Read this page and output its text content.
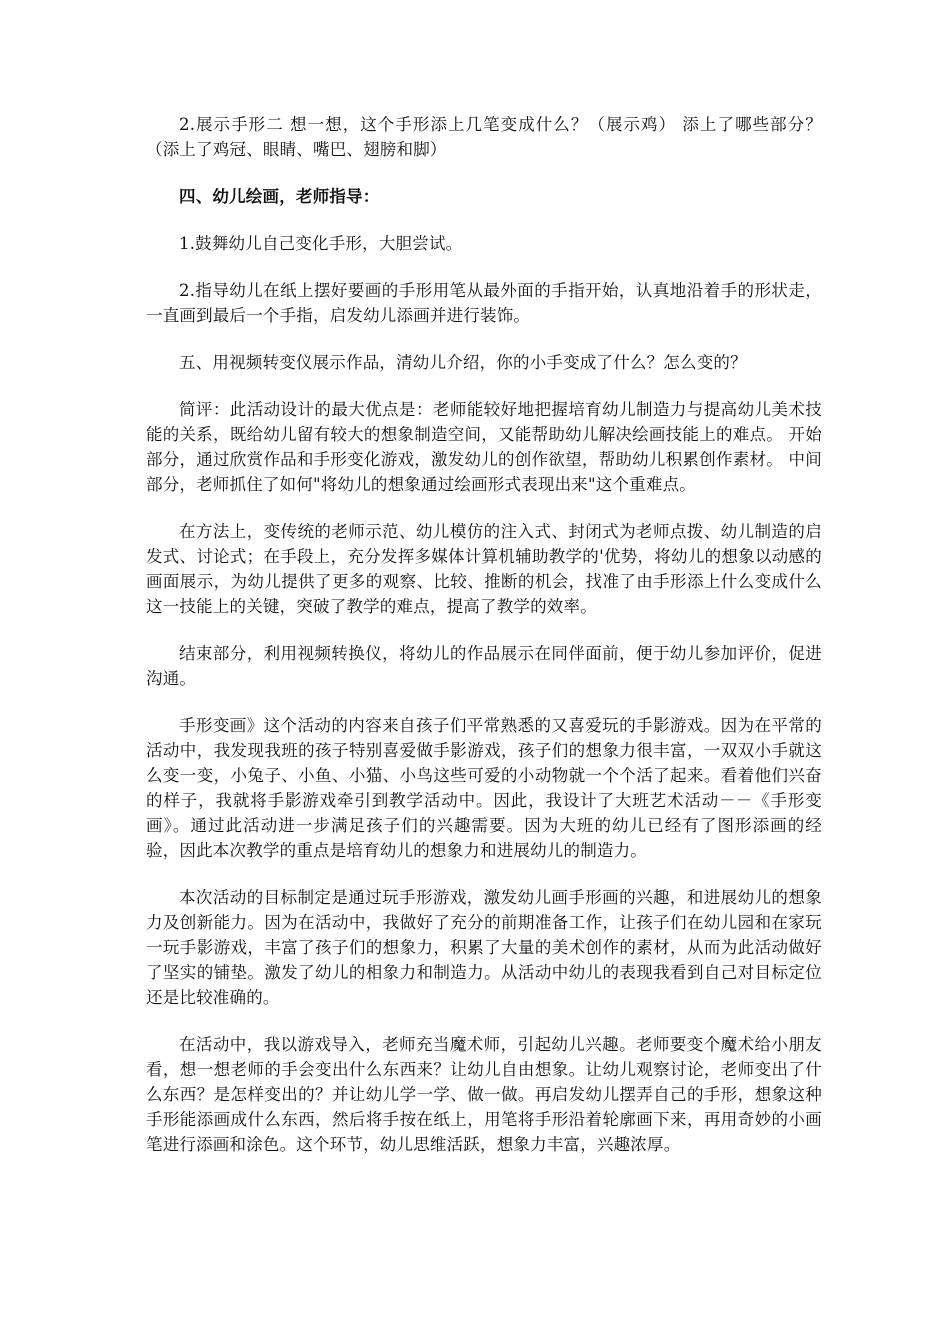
2.展示手形二 想一想，这个手形添上几笔变成什么？（展示鸡） 添上了哪些部分？（添上了鸡冠、眼睛、嘴巴、翅膀和脚）

四、幼儿绘画，老师指导：

1.鼓舞幼儿自己变化手形，大胆尝试。

2.指导幼儿在纸上摆好要画的手形用笔从最外面的手指开始，认真地沿着手的形状走，一直画到最后一个手指，启发幼儿添画并进行装饰。

五、用视频转变仪展示作品，清幼儿介绍，你的小手变成了什么？怎么变的？

简评：此活动设计的最大优点是：老师能较好地把握培育幼儿制造力与提高幼儿美术技能的关系，既给幼儿留有较大的想象制造空间，又能帮助幼儿解决绘画技能上的难点。 开始部分，通过欣赏作品和手形变化游戏，激发幼儿的创作欲望，帮助幼儿积累创作素材。 中间部分，老师抓住了如何"将幼儿的想象通过绘画形式表现出来"这个重难点。

在方法上，变传统的老师示范、幼儿模仿的注入式、封闭式为老师点拨、幼儿制造的启发式、讨论式；在手段上，充分发挥多媒体计算机辅助教学的'优势，将幼儿的想象以动感的画面展示，为幼儿提供了更多的观察、比较、推断的机会，找准了由手形添上什么变成什么这一技能上的关键，突破了教学的难点，提高了教学的效率。

结束部分，利用视频转换仪，将幼儿的作品展示在同伴面前，便于幼儿参加评价，促进沟通。

手形变画》这个活动的内容来自孩子们平常熟悉的又喜爱玩的手影游戏。因为在平常的活动中，我发现我班的孩子特别喜爱做手影游戏，孩子们的想象力很丰富，一双双小手就这么变一变，小兔子、小鱼、小猫、小鸟这些可爱的小动物就一个个活了起来。看着他们兴奋的样子，我就将手影游戏牵引到教学活动中。因此，我设计了大班艺术活动－－《手形变画》。通过此活动进一步满足孩子们的兴趣需要。因为大班的幼儿已经有了图形添画的经验，因此本次教学的重点是培育幼儿的想象力和进展幼儿的制造力。

本次活动的目标制定是通过玩手形游戏，激发幼儿画手形画的兴趣，和进展幼儿的想象力及创新能力。因为在活动中，我做好了充分的前期准备工作，让孩子们在幼儿园和在家玩一玩手影游戏，丰富了孩子们的想象力，积累了大量的美术创作的素材，从而为此活动做好了坚实的铺垫。激发了幼儿的相象力和制造力。从活动中幼儿的表现我看到自己对目标定位还是比较准确的。

在活动中，我以游戏导入，老师充当魔术师，引起幼儿兴趣。老师要变个魔术给小朋友看，想一想老师的手会变出什么东西来？让幼儿自由想象。让幼儿观察讨论，老师变出了什么东西？是怎样变出的？并让幼儿学一学、做一做。再启发幼儿摆弄自己的手形，想象这种手形能添画成什么东西，然后将手按在纸上，用笔将手形沿着轮廓画下来，再用奇妙的小画笔进行添画和涂色。这个环节，幼儿思维活跃，想象力丰富，兴趣浓厚。
